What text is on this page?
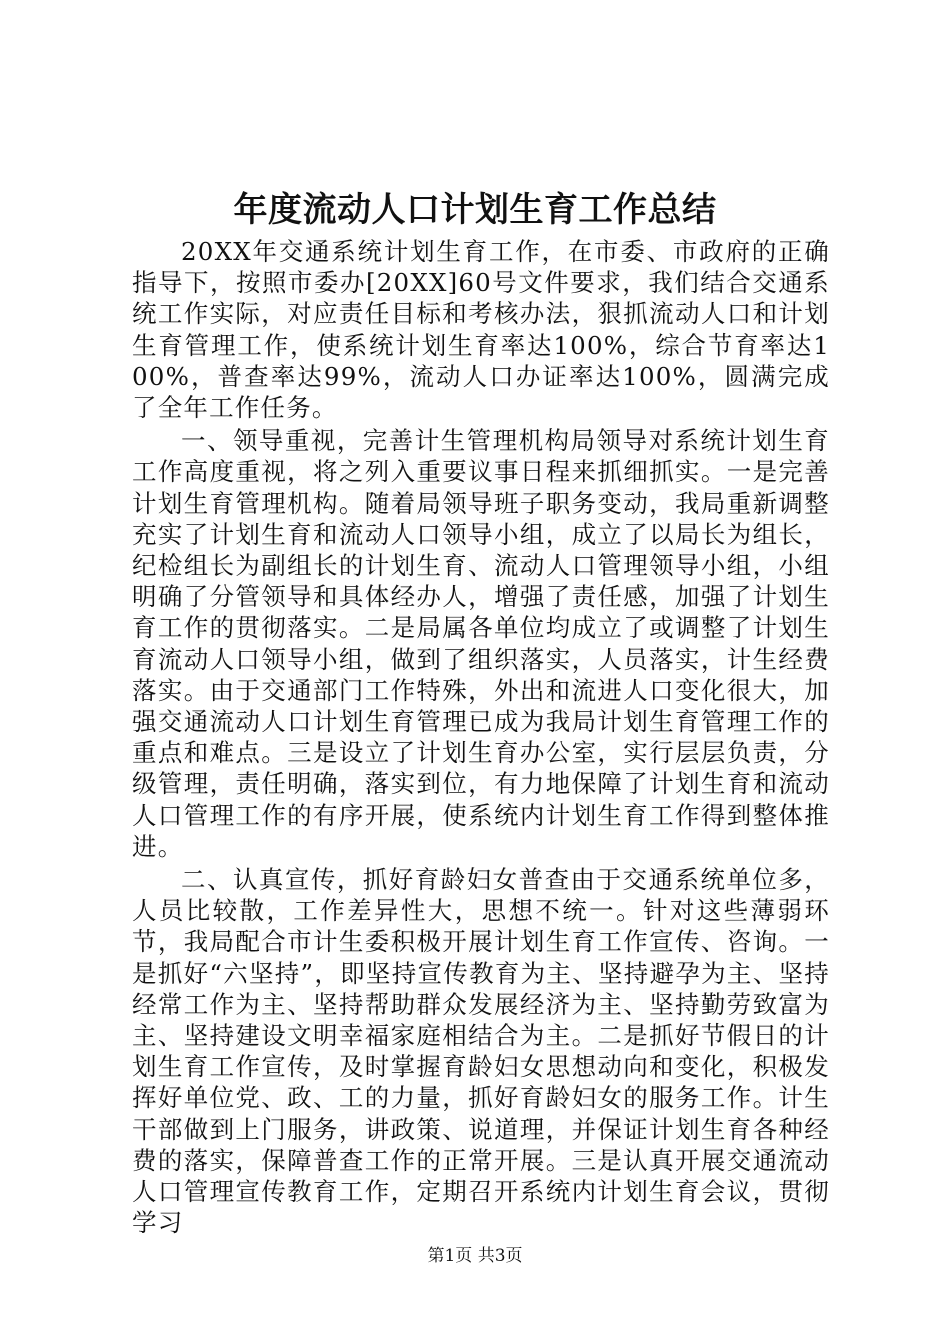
年度流动人口计划生育工作总结

20XX年交通系统计划生育工作，在市委、市政府的正确指导下，按照市委办[20XX]60号文件要求，我们结合交通系统工作实际，对应责任目标和考核办法，狠抓流动人口和计划生育管理工作，使系统计划生育率达100%，综合节育率达100%，普查率达99%，流动人口办证率达100%，圆满完成了全年工作任务。

一、领导重视，完善计生管理机构局领导对系统计划生育工作高度重视，将之列入重要议事日程来抓细抓实。一是完善计划生育管理机构。随着局领导班子职务变动，我局重新调整充实了计划生育和流动人口领导小组，成立了以局长为组长，纪检组长为副组长的计划生育、流动人口管理领导小组，小组明确了分管领导和具体经办人，增强了责任感，加强了计划生育工作的贯彻落实。二是局属各单位均成立了或调整了计划生育流动人口领导小组，做到了组织落实，人员落实，计生经费落实。由于交通部门工作特殊，外出和流进人口变化很大，加强交通流动人口计划生育管理已成为我局计划生育管理工作的重点和难点。三是设立了计划生育办公室，实行层层负责，分级管理，责任明确，落实到位，有力地保障了计划生育和流动人口管理工作的有序开展，使系统内计划生育工作得到整体推进。

二、认真宣传，抓好育龄妇女普查由于交通系统单位多，人员比较散，工作差异性大，思想不统一。针对这些薄弱环节，我局配合市计生委积极开展计划生育工作宣传、咨询。一是抓好“六坚持”，即坚持宣传教育为主、坚持避孕为主、坚持经常工作为主、坚持帮助群众发展经济为主、坚持勤劳致富为主、坚持建设文明幸福家庭相结合为主。二是抓好节假日的计划生育工作宣传，及时掌握育龄妇女思想动向和变化，积极发挥好单位党、政、工的力量，抓好育龄妇女的服务工作。计生干部做到上门服务，讲政策、说道理，并保证计划生育各种经费的落实，保障普查工作的正常开展。三是认真开展交通流动人口管理宣传教育工作，定期召开系统内计划生育会议，贯彻学习

第1页 共3页
